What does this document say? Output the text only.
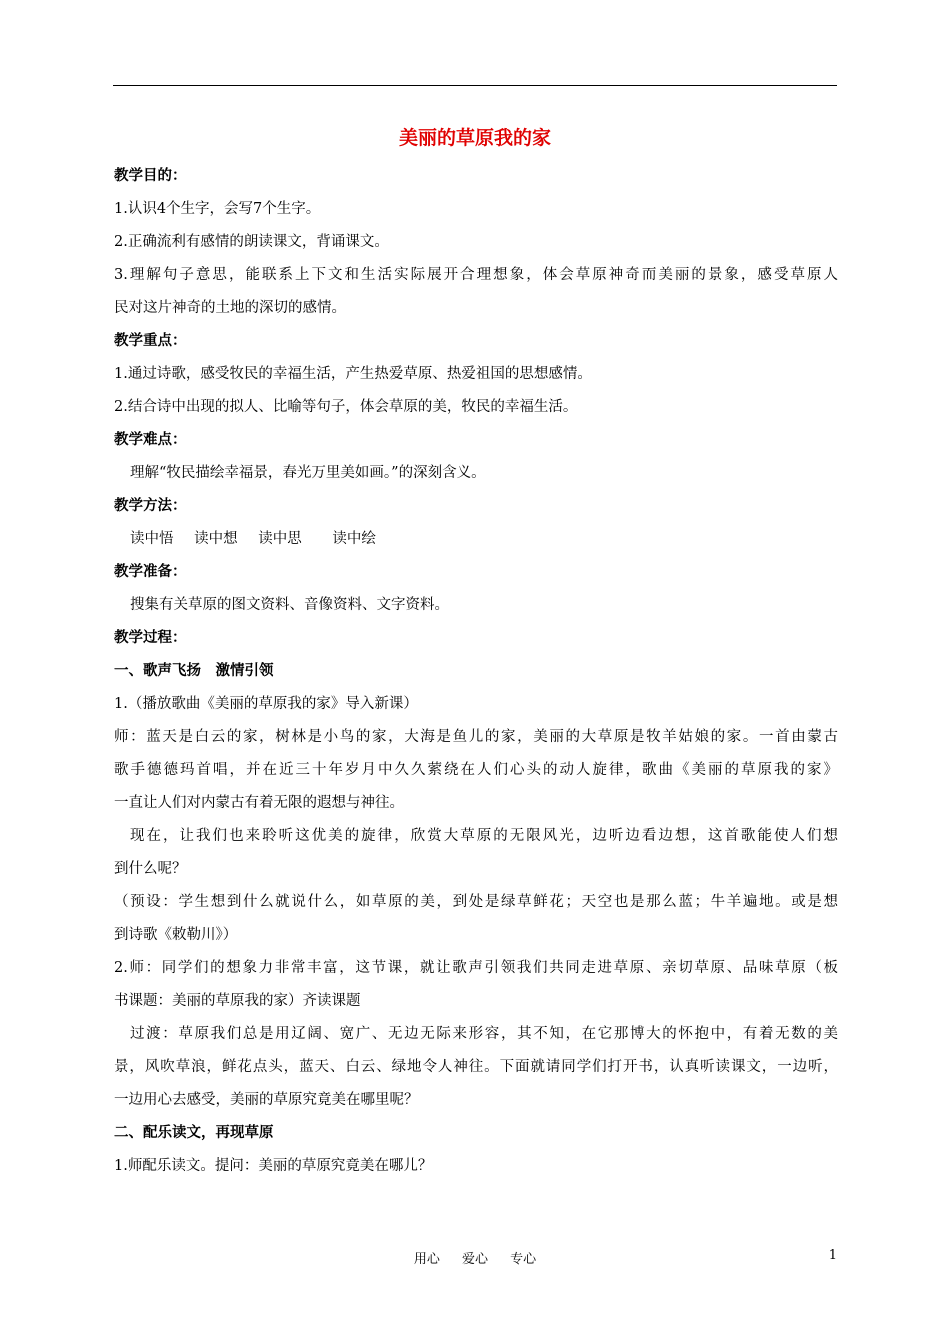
美丽的草原我的家
教学目的：
1.认识4个生字，会写7个生字。
2.正确流利有感情的朗读课文，背诵课文。
3.理解句子意思，能联系上下文和生活实际展开合理想象，体会草原神奇而美丽的景象，感受草原人
民对这片神奇的土地的深切的感情。
教学重点：
1.通过诗歌，感受牧民的幸福生活，产生热爱草原、热爱祖国的思想感情。
2.结合诗中出现的拟人、比喻等句子，体会草原的美，牧民的幸福生活。
教学难点：
理解“牧民描绘幸福景，春光万里美如画。”的深刻含义。
教学方法：
读中悟 读中想 读中思 读中绘
教学准备：
搜集有关草原的图文资料、音像资料、文字资料。
教学过程：
一、歌声飞扬　激情引领
1.（播放歌曲《美丽的草原我的家》导入新课）
师：蓝天是白云的家，树林是小鸟的家，大海是鱼儿的家，美丽的大草原是牧羊姑娘的家。一首由蒙古
歌手德德玛首唱，并在近三十年岁月中久久萦绕在人们心头的动人旋律，歌曲《美丽的草原我的家》
一直让人们对内蒙古有着无限的遐想与神往。
现在，让我们也来聆听这优美的旋律，欣赏大草原的无限风光，边听边看边想，这首歌能使人们想
到什么呢？
（预设：学生想到什么就说什么，如草原的美，到处是绿草鲜花；天空也是那么蓝；牛羊遍地。或是想
到诗歌《敕勒川》）
2.师：同学们的想象力非常丰富，这节课，就让歌声引领我们共同走进草原、亲切草原、品味草原（板
书课题：美丽的草原我的家）齐读课题
过渡：草原我们总是用辽阔、宽广、无边无际来形容，其不知，在它那博大的怀抱中，有着无数的美
景，风吹草浪，鲜花点头，蓝天、白云、绿地令人神往。下面就请同学们打开书，认真听读课文，一边听，
一边用心去感受，美丽的草原究竟美在哪里呢？
二、配乐读文，再现草原
1.师配乐读文。提问：美丽的草原究竟美在哪儿？
用心 爱心 专心	1
